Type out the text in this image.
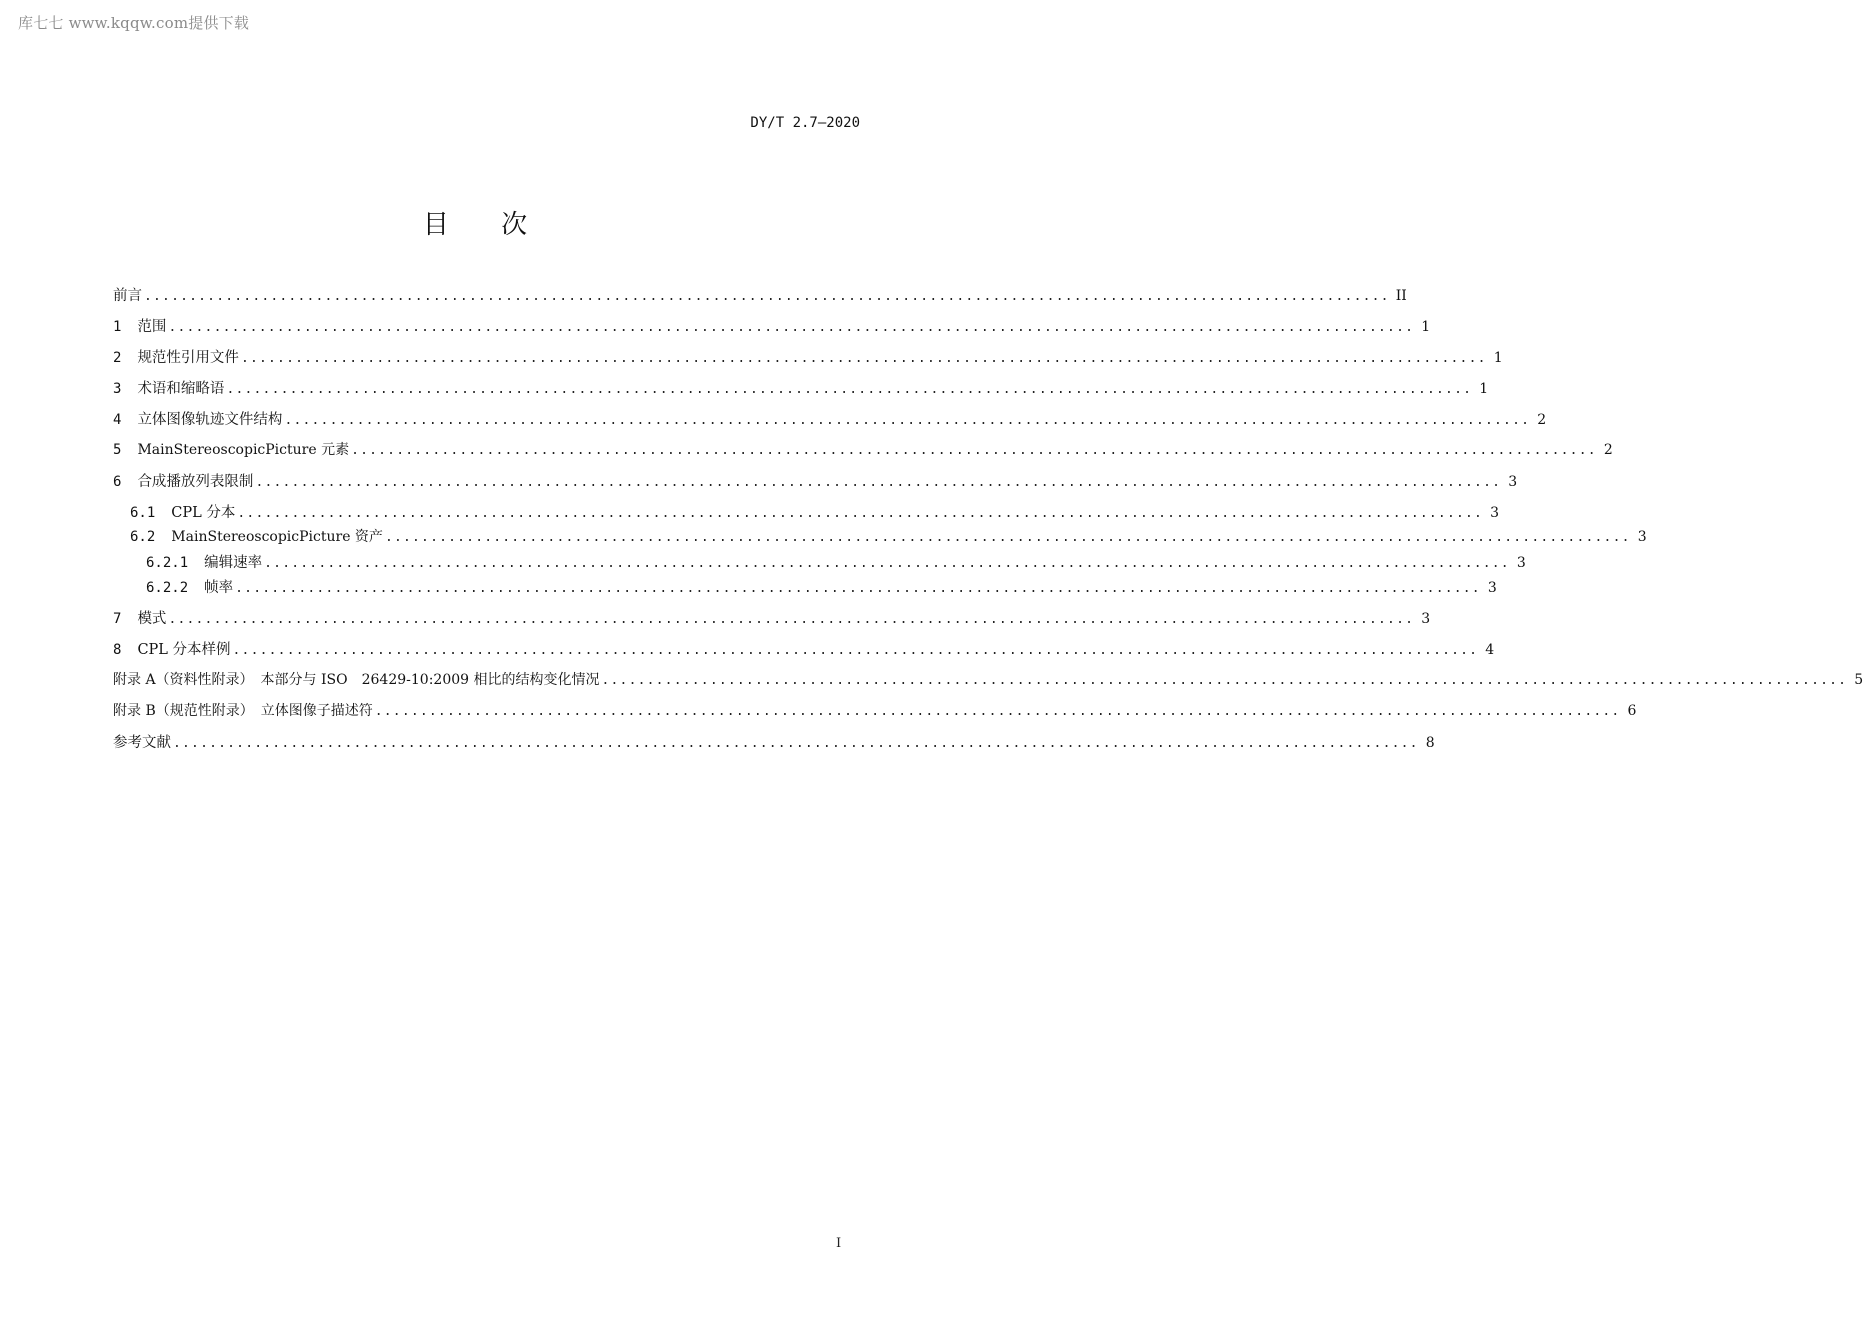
库七七 www.kqqw.com提供下载
DY/T 2.7—2020
目 次
前言 .......................................................................................................................................... II
1 范围 .......................................................................................................................................... 1
2 规范性引用文件 .......................................................................................................................................... 1
3 术语和缩略语 .......................................................................................................................................... 1
4 立体图像轨迹文件结构 .......................................................................................................................................... 2
5 MainStereoscopicPicture 元素 .......................................................................................................................................... 2
6 合成播放列表限制 .......................................................................................................................................... 3
6.1 CPL 分本 .......................................................................................................................................... 3
6.2 MainStereoscopicPicture 资产 .......................................................................................................................................... 3
6.2.1 编辑速率 .......................................................................................................................................... 3
6.2.2 帧率 .......................................................................................................................................... 3
7 模式 .......................................................................................................................................... 3
8 CPL 分本样例 .......................................................................................................................................... 4
附录 A（资料性附录）　本部分与 ISO　26429-10:2009 相比的结构变化情况 .......................................................................................................................................... 5
附录 B（规范性附录）　立体图像子描述符 .......................................................................................................................................... 6
参考文献 .......................................................................................................................................... 8
I
